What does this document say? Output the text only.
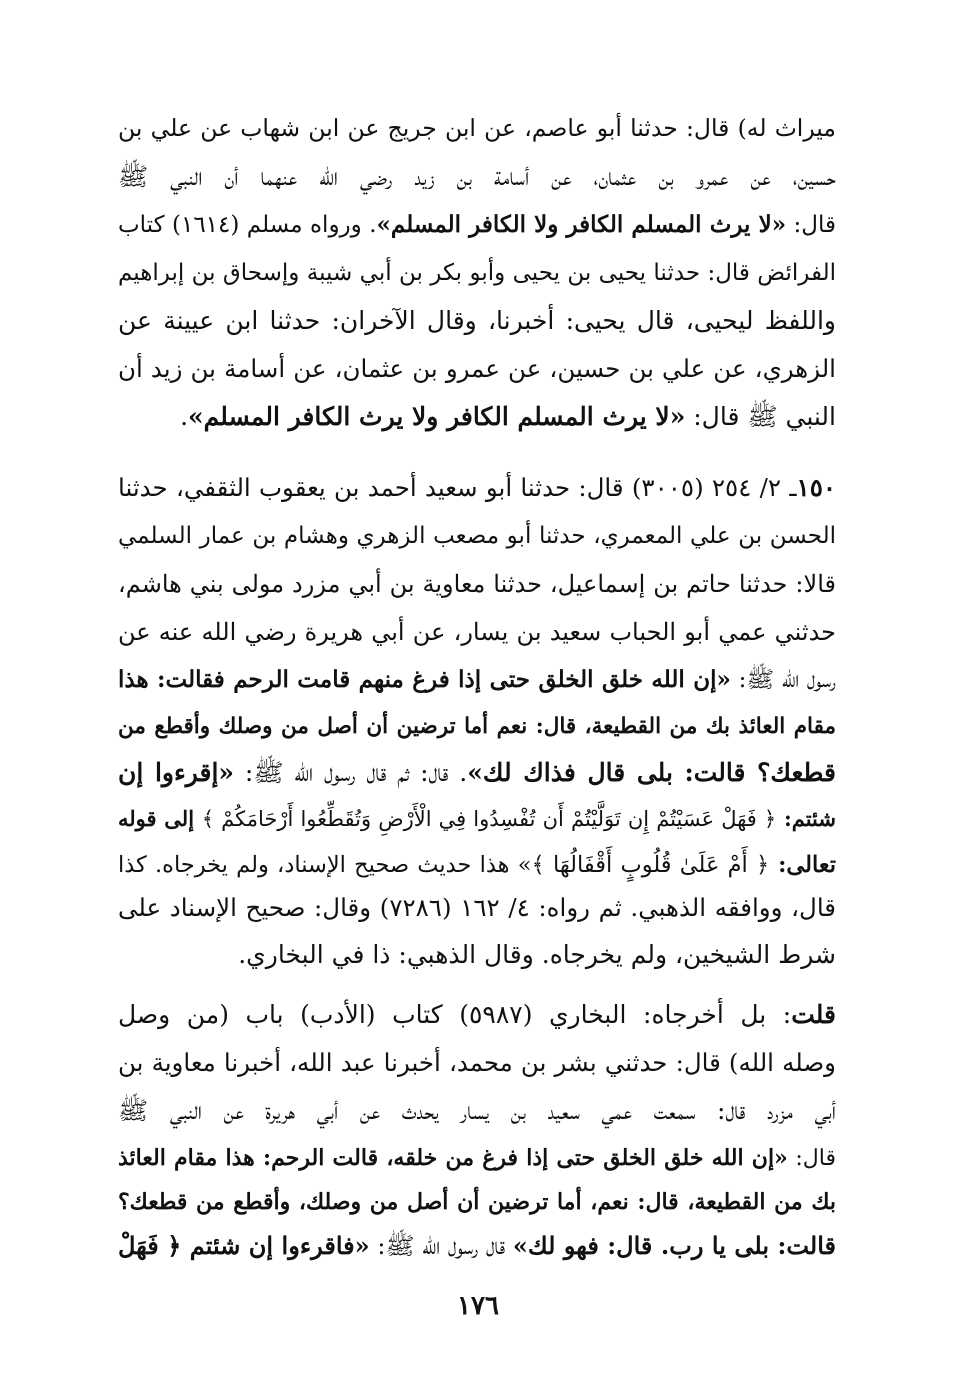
ميراث له) قال: حدثنا أبو عاصم، عن ابن جريج عن ابن شهاب عن علي بن
حسين، عن عمرو بن عثمان، عن أسامة بن زيد رضي الله عنهما أن النبي ﷺ
قال: «لا يرث المسلم الكافر ولا الكافر المسلم». ورواه مسلم (١٦١٤) كتاب
الفرائض قال: حدثنا يحيى بن يحيى وأبو بكر بن أبي شيبة وإسحاق بن إبراهيم
واللفظ ليحيى، قال يحيى: أخبرنا، وقال الآخران: حدثنا ابن عيينة عن
الزهري، عن علي بن حسين، عن عمرو بن عثمان، عن أسامة بن زيد أن
النبي ﷺ قال: «لا يرث المسلم الكافر ولا يرث الكافر المسلم».
١٥٠ـ ٢/ ٢٥٤ (٣٠٠٥) قال: حدثنا أبو سعيد أحمد بن يعقوب الثقفي، حدثنا
الحسن بن علي المعمري، حدثنا أبو مصعب الزهري وهشام بن عمار السلمي
قالا: حدثنا حاتم بن إسماعيل، حدثنا معاوية بن أبي مزرد مولى بني هاشم،
حدثني عمي أبو الحباب سعيد بن يسار، عن أبي هريرة رضي الله عنه عن
رسول الله ﷺ: «إن الله خلق الخلق حتى إذا فرغ منهم قامت الرحم فقالت: هذا
مقام العائذ بك من القطيعة، قال: نعم أما ترضين أن أصل من وصلك وأقطع من
قطعك؟ قالت: بلى قال فذاك لك». قال: ثم قال رسول الله ﷺ: «إقرءوا إن
شئتم: ﴿ فَهَلْ عَسَيْتُمْ إِن تَوَلَّيْتُمْ أَن تُفْسِدُوا فِي الْأَرْضِ وَتُقَطِّعُوا أَرْحَامَكُمْ ﴾ إلى قوله
تعالى: ﴿ أَمْ عَلَىٰ قُلُوبٍ أَقْفَالُهَا ﴾» هذا حديث صحيح الإسناد، ولم يخرجاه. كذا
قال، ووافقه الذهبي. ثم رواه: ٤/ ١٦٢ (٧٢٨٦) وقال: صحيح الإسناد على
شرط الشيخين، ولم يخرجاه. وقال الذهبي: ذا في البخاري.
قلت: بل أخرجاه: البخاري (٥٩٨٧) كتاب (الأدب) باب (من وصل
وصله الله) قال: حدثني بشر بن محمد، أخبرنا عبد الله، أخبرنا معاوية بن
أبي مزرد قال: سمعت عمي سعيد بن يسار يحدث عن أبي هريرة عن النبي ﷺ
قال: «إن الله خلق الخلق حتى إذا فرغ من خلقه، قالت الرحم: هذا مقام العائذ
بك من القطيعة، قال: نعم، أما ترضين أن أصل من وصلك، وأقطع من قطعك؟
قالت: بلى يا رب. قال: فهو لك» قال رسول الله ﷺ: «فاقرءوا إن شئتم ﴿ فَهَلْ
١٧٦
